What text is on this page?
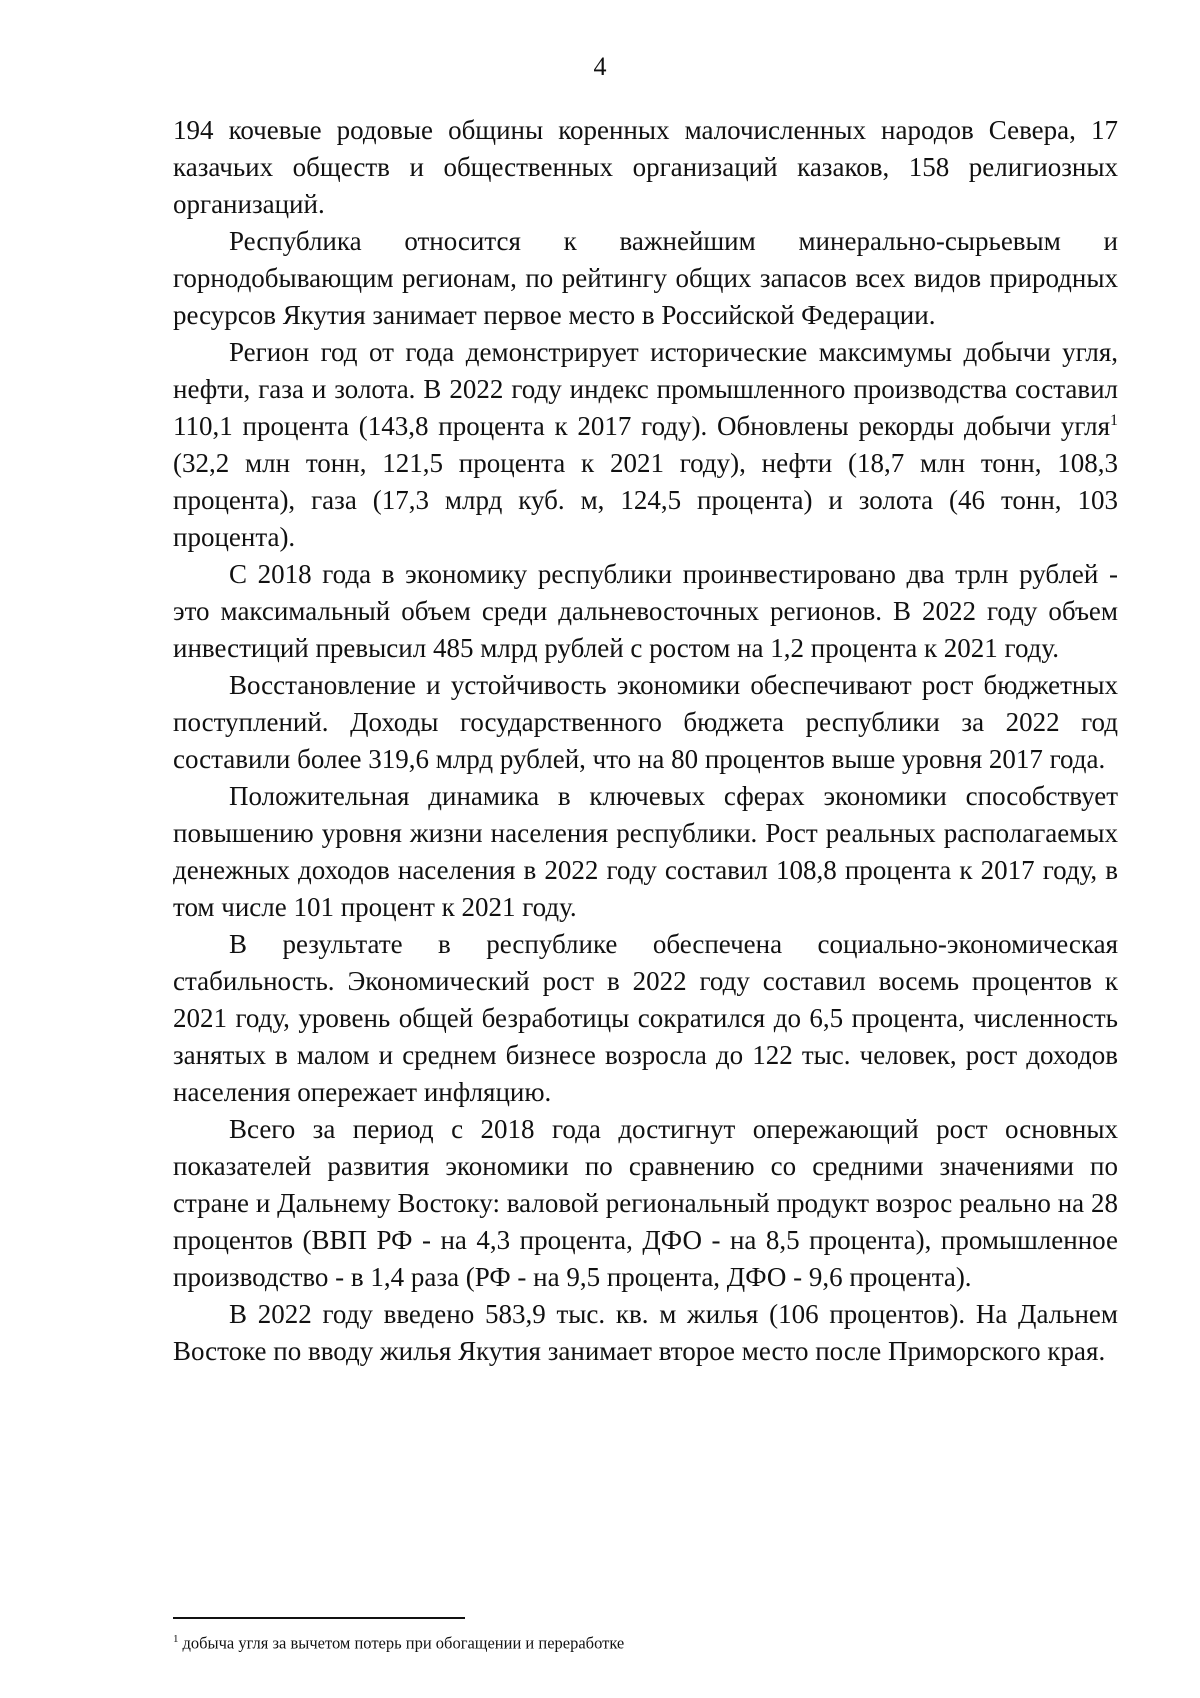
4

194 кочевые родовые общины коренных малочисленных народов Севера, 17 казачьих обществ и общественных организаций казаков, 158 религиозных организаций.

Республика относится к важнейшим минерально-сырьевым и горнодобывающим регионам, по рейтингу общих запасов всех видов природных ресурсов Якутия занимает первое место в Российской Федерации.

Регион год от года демонстрирует исторические максимумы добычи угля, нефти, газа и золота. В 2022 году индекс промышленного производства составил 110,1 процента (143,8 процента к 2017 году). Обновлены рекорды добычи угля$^1$ (32,2 млн тонн, 121,5 процента к 2021 году), нефти (18,7 млн тонн, 108,3 процента), газа (17,3 млрд куб. м, 124,5 процента) и золота (46 тонн, 103 процента).

С 2018 года в экономику республики проинвестировано два трлн рублей - это максимальный объем среди дальневосточных регионов. В 2022 году объем инвестиций превысил 485 млрд рублей с ростом на 1,2 процента к 2021 году.

Восстановление и устойчивость экономики обеспечивают рост бюджетных поступлений. Доходы государственного бюджета республики за 2022 год составили более 319,6 млрд рублей, что на 80 процентов выше уровня 2017 года.

Положительная динамика в ключевых сферах экономики способствует повышению уровня жизни населения республики. Рост реальных располагаемых денежных доходов населения в 2022 году составил 108,8 процента к 2017 году, в том числе 101 процент к 2021 году.

В результате в республике обеспечена социально-экономическая стабильность. Экономический рост в 2022 году составил восемь процентов к 2021 году, уровень общей безработицы сократился до 6,5 процента, численность занятых в малом и среднем бизнесе возросла до 122 тыс. человек, рост доходов населения опережает инфляцию.

Всего за период с 2018 года достигнут опережающий рост основных показателей развития экономики по сравнению со средними значениями по стране и Дальнему Востоку: валовой региональный продукт возрос реально на 28 процентов (ВВП РФ - на 4,3 процента, ДФО - на 8,5 процента), промышленное производство - в 1,4 раза (РФ - на 9,5 процента, ДФО - 9,6 процента).

В 2022 году введено 583,9 тыс. кв. м жилья (106 процентов). На Дальнем Востоке по вводу жилья Якутия занимает второе место после Приморского края.

$^1$ добыча угля за вычетом потерь при обогащении и переработке
